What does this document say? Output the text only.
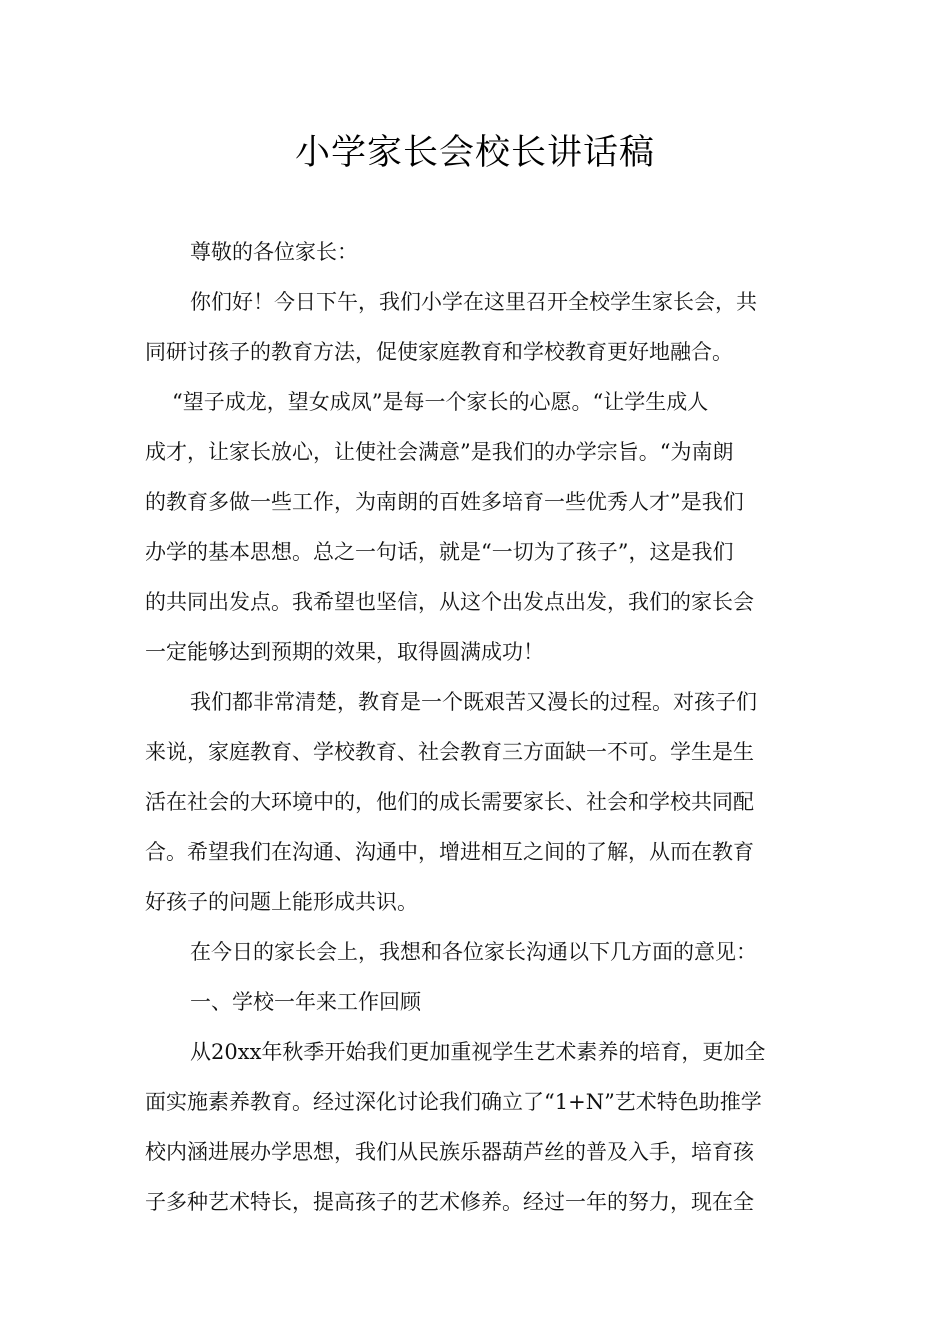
小学家长会校长讲话稿
尊敬的各位家长：
你们好！今日下午，我们小学在这里召开全校学生家长会，共
同研讨孩子的教育方法，促使家庭教育和学校教育更好地融合。
“望子成龙，望女成凤”是每一个家长的心愿。“让学生成人
成才，让家长放心，让使社会满意”是我们的办学宗旨。“为南朗
的教育多做一些工作，为南朗的百姓多培育一些优秀人才”是我们
办学的基本思想。总之一句话，就是“一切为了孩子”，这是我们
的共同出发点。我希望也坚信，从这个出发点出发，我们的家长会
一定能够达到预期的效果，取得圆满成功！
我们都非常清楚，教育是一个既艰苦又漫长的过程。对孩子们
来说，家庭教育、学校教育、社会教育三方面缺一不可。学生是生
活在社会的大环境中的，他们的成长需要家长、社会和学校共同配
合。希望我们在沟通、沟通中，增进相互之间的了解，从而在教育
好孩子的问题上能形成共识。
在今日的家长会上，我想和各位家长沟通以下几方面的意见：
一、学校一年来工作回顾
从20xx年秋季开始我们更加重视学生艺术素养的培育，更加全
面实施素养教育。经过深化讨论我们确立了“1+N”艺术特色助推学
校内涵进展办学思想，我们从民族乐器葫芦丝的普及入手，培育孩
子多种艺术特长，提高孩子的艺术修养。经过一年的努力，现在全
